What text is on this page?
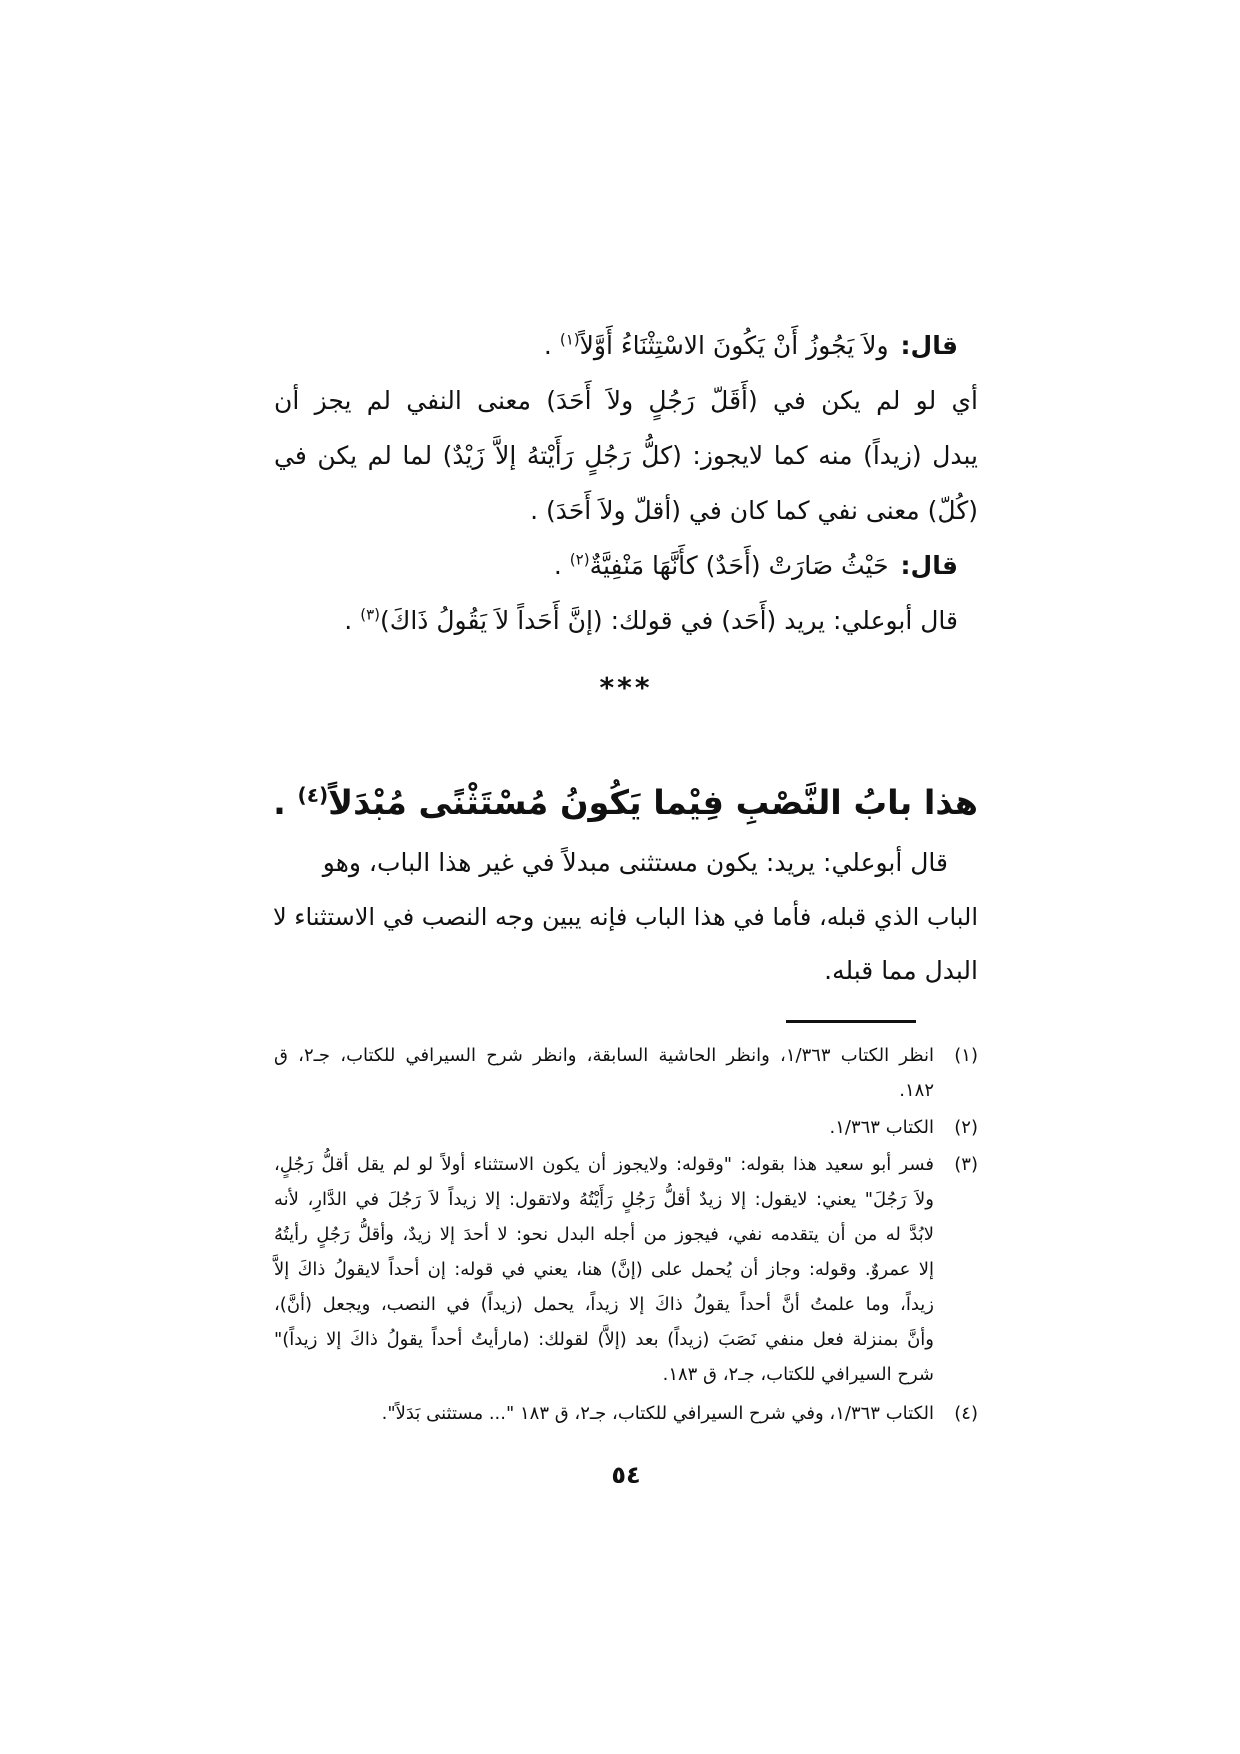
قال:ولاَ يَجُوزُ أَنْ يَكُونَ الاسْتِثْنَاءُ أَوَّلاً$^{(١)}$ .
أي لو لم يكن في (أَقَلّ رَجُلٍ ولاَ أَحَدَ) معنى النفي لم يجز أن
يبدل (زيداً) منه كما لايجوز: (كلُّ رَجُلٍ رَأَيْتهُ إلاَّ زَيْدٌ) لما لم يكن في
(كُلّ) معنى نفي كما كان في (أقلّ ولاَ أَحَدَ) .
قال:حَيْثُ صَارَتْ (أَحَدٌ) كأَنَّهَا مَنْفِيَّةٌ$^{(٢)}$ .
قال أبوعلي: يريد (أَحَد) في قولك: (إنَّ أَحَداً لاَ يَقُولُ ذَاكَ)$^{(٣)}$ .
***
هذا بابُ النَّصْبِ فِيْما يَكُونُ مُسْتَثْنًى مُبْدَلاً$^{(٤)}$ .
قال أبوعلي: يريد: يكون مستثنى مبدلاً في غير هذا الباب، وهو
الباب الذي قبله، فأما في هذا الباب فإنه يبين وجه النصب في الاستثناء لا
البدل مما قبله.
(١)
انظر الكتاب ١/٣٦٣، وانظر الحاشية السابقة، وانظر شرح السيرافي للكتاب، جـ٢، ق
١٨٢.
(٢)
الكتاب ١/٣٦٣.
(٣)
فسر أبو سعيد هذا بقوله: "وقوله: ولايجوز أن يكون الاستثناء أولاً لو لم يقل أقلُّ رَجُلٍ،
ولاَ رَجُلَ" يعني: لايقول: إلا زيدٌ أقلُّ رَجُلٍ رَأَيْتُهُ ولاتقول: إلا زيداً لاَ رَجُلَ في الدَّارِ، لأنه
لابُدَّ له من أن يتقدمه نفي، فيجوز من أجله البدل نحو: لا أحدَ إلا زيدٌ، وأقلُّ رَجُلٍ رأيتُهُ
إلا عمروٌ. وقوله: وجاز أن يُحمل على (إنَّ) هنا، يعني في قوله: إن أحداً لايقولُ ذاكَ إلاَّ
زيداً، وما علمتُ أنَّ أحداً يقولُ ذاكَ إلا زيداً، يحمل (زيداً) في النصب، ويجعل (أنَّ)،
وأنَّ بمنزلة فعل منفي نَصَبَ (زيداً) بعد (إلاَّ) لقولك: (مارأيتُ أحداً يقولُ ذاكَ إلا زيداً)"
شرح السيرافي للكتاب، جـ٢، ق ١٨٣.
(٤)
الكتاب ١/٣٦٣، وفي شرح السيرافي للكتاب، جـ٢، ق ١٨٣ "... مستثنى بَدَلاً".
٥٤
